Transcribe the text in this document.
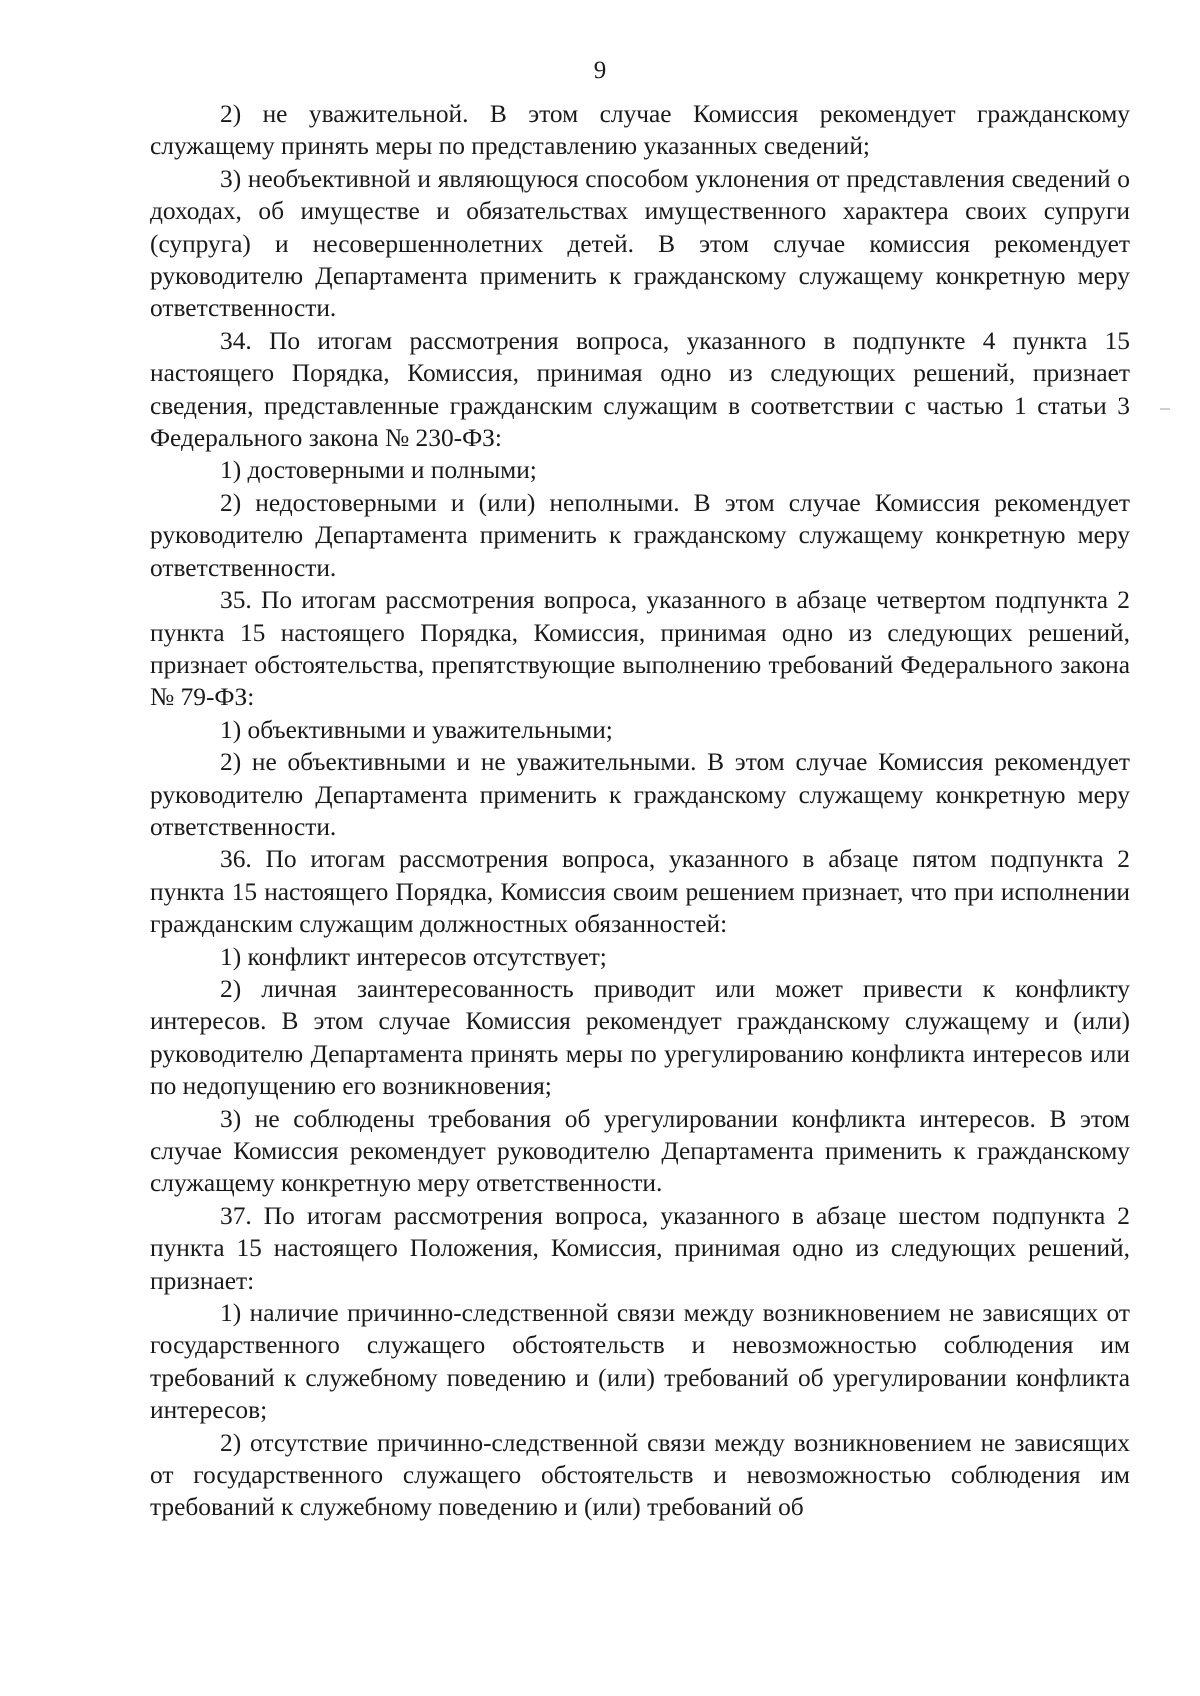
9

2) не уважительной. В этом случае Комиссия рекомендует гражданскому служащему принять меры по представлению указанных сведений;

3) необъективной и являющуюся способом уклонения от представления сведений о доходах, об имуществе и обязательствах имущественного характера своих супруги (супруга) и несовершеннолетних детей. В этом случае комиссия рекомендует руководителю Департамента применить к гражданскому служащему конкретную меру ответственности.

34. По итогам рассмотрения вопроса, указанного в подпункте 4 пункта 15 настоящего Порядка, Комиссия, принимая одно из следующих решений, признает сведения, представленные гражданским служащим в соответствии с частью 1 статьи 3 Федерального закона № 230-ФЗ:

1) достоверными и полными;

2) недостоверными и (или) неполными. В этом случае Комиссия рекомендует руководителю Департамента применить к гражданскому служащему конкретную меру ответственности.

35. По итогам рассмотрения вопроса, указанного в абзаце четвертом подпункта 2 пункта 15 настоящего Порядка, Комиссия, принимая одно из следующих решений, признает обстоятельства, препятствующие выполнению требований Федерального закона № 79-ФЗ:

1) объективными и уважительными;

2) не объективными и не уважительными. В этом случае Комиссия рекомендует руководителю Департамента применить к гражданскому служащему конкретную меру ответственности.

36. По итогам рассмотрения вопроса, указанного в абзаце пятом подпункта 2 пункта 15 настоящего Порядка, Комиссия своим решением признает, что при исполнении гражданским служащим должностных обязанностей:

1) конфликт интересов отсутствует;

2) личная заинтересованность приводит или может привести к конфликту интересов. В этом случае Комиссия рекомендует гражданскому служащему и (или) руководителю Департамента принять меры по урегулированию конфликта интересов или по недопущению его возникновения;

3) не соблюдены требования об урегулировании конфликта интересов. В этом случае Комиссия рекомендует руководителю Департамента применить к гражданскому служащему конкретную меру ответственности.

37. По итогам рассмотрения вопроса, указанного в абзаце шестом подпункта 2 пункта 15 настоящего Положения, Комиссия, принимая одно из следующих решений, признает:

1) наличие причинно-следственной связи между возникновением не зависящих от государственного служащего обстоятельств и невозможностью соблюдения им требований к служебному поведению и (или) требований об урегулировании конфликта интересов;

2) отсутствие причинно-следственной связи между возникновением не зависящих от государственного служащего обстоятельств и невозможностью соблюдения им требований к служебному поведению и (или) требований об
